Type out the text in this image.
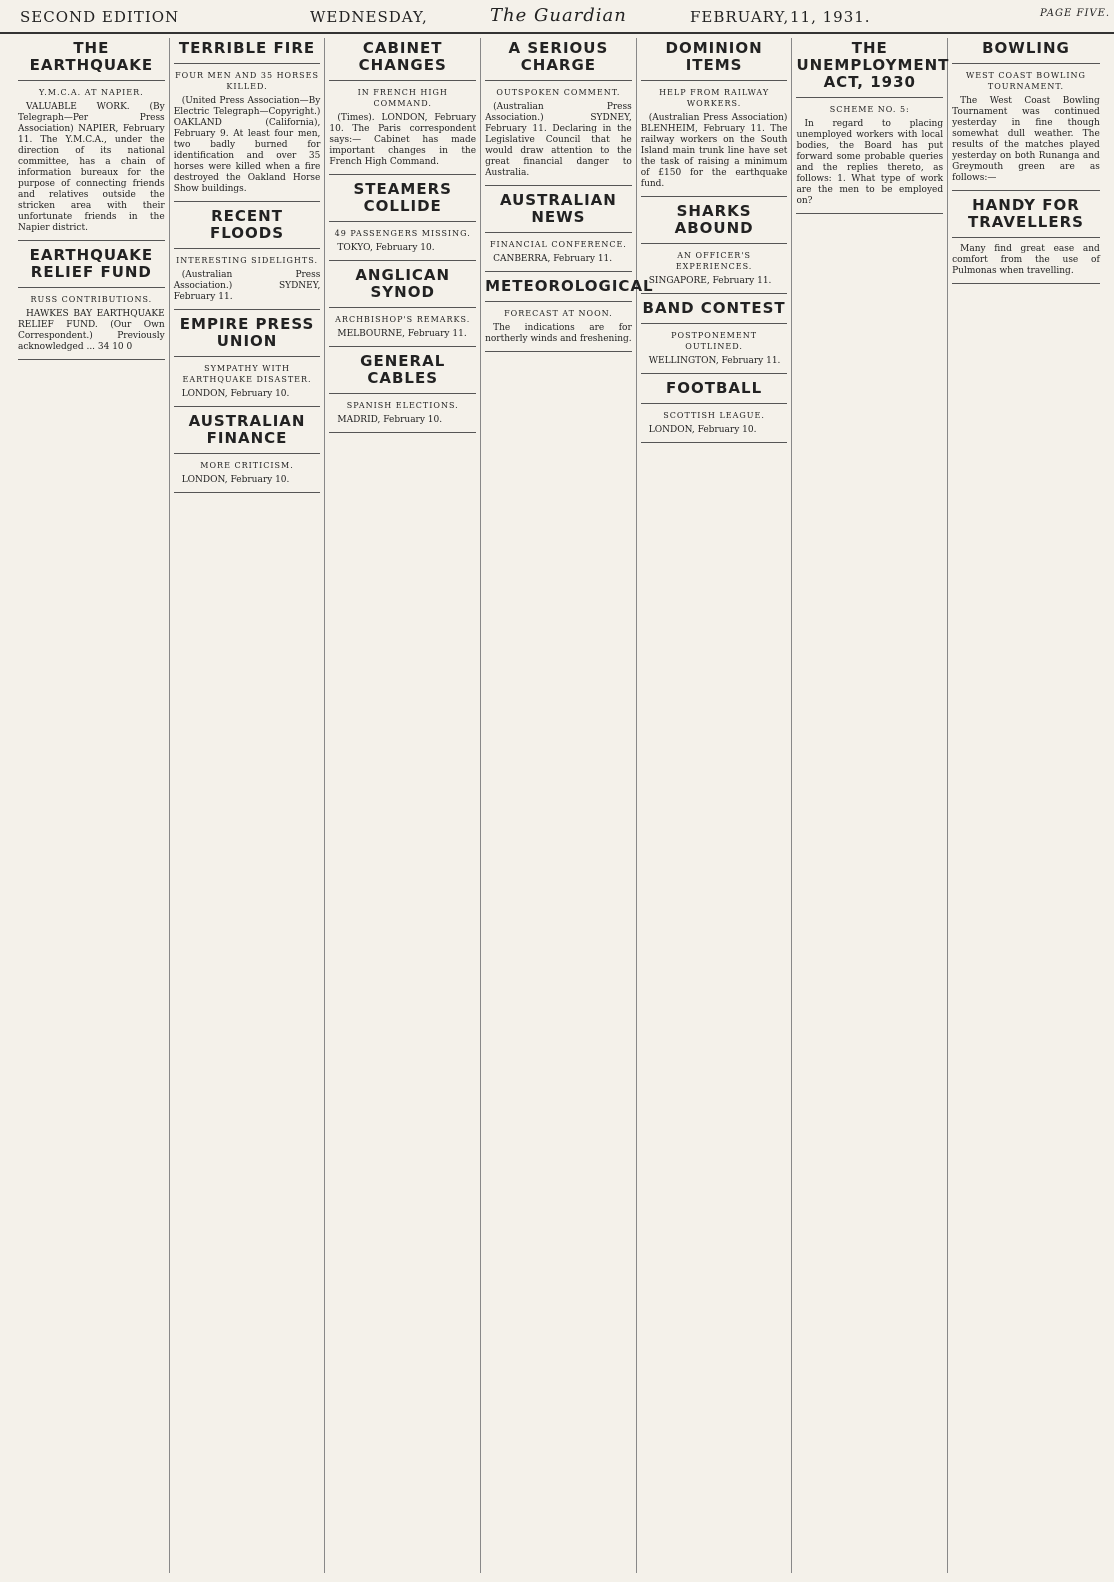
SECOND EDITION	WEDNESDAY,	The Guardian	FEBRUARY, 11, 1931.	PAGE FIVE.
THE EARTHQUAKE
Y.M.C.A. AT NAPIER.

VALUABLE WORK. (By Telegraph—Per Press Association) NAPIER, February 11. The Y.M.C.A., under the direction of its national committee, has a chain of information bureaux for the purpose of connecting friends and relatives outside the stricken area with their unfortunate friends in the Napier district.

EARTHQUAKE RELIEF FUND
RUSS CONTRIBUTIONS.

HAWKES BAY EARTHQUAKE RELIEF FUND. (Our Own Correspondent.) Previously acknowledged ... 34 10 0

TERRIBLE FIRE
FOUR MEN AND 35 HORSES KILLED.

(United Press Association—By Electric Telegraph—Copyright.) OAKLAND (California), February 9. At least four men, two badly burned for identification and over 35 horses were killed when a fire destroyed the Oakland Horse Show buildings.

RECENT FLOODS
INTERESTING SIDELIGHTS.

(Australian Press Association.) SYDNEY, February 11.

EMPIRE PRESS UNION
SYMPATHY WITH EARTHQUAKE DISASTER.

LONDON, February 10.

AUSTRALIAN FINANCE
MORE CRITICISM.

LONDON, February 10.

CABINET CHANGES
IN FRENCH HIGH COMMAND.

(Times). LONDON, February 10. The Paris correspondent says:— Cabinet has made important changes in the French High Command.

STEAMERS COLLIDE
49 PASSENGERS MISSING.

TOKYO, February 10.

ANGLICAN SYNOD
ARCHBISHOP'S REMARKS.

MELBOURNE, February 11.

GENERAL CABLES
SPANISH ELECTIONS.

MADRID, February 10.

A SERIOUS CHARGE
OUTSPOKEN COMMENT.

(Australian Press Association.) SYDNEY, February 11. Declaring in the Legislative Council that he would draw attention to the great financial danger to Australia.

AUSTRALIAN NEWS
FINANCIAL CONFERENCE.

CANBERRA, February 11.

METEOROLOGICAL
FORECAST AT NOON.

The indications are for northerly winds and freshening.

DOMINION ITEMS
HELP FROM RAILWAY WORKERS.

(Australian Press Association) BLENHEIM, February 11. The railway workers on the South Island main trunk line have set the task of raising a minimum of £150 for the earthquake fund.

SHARKS ABOUND
AN OFFICER'S EXPERIENCES.

SINGAPORE, February 11.

BAND CONTEST
POSTPONEMENT OUTLINED.

WELLINGTON, February 11.

FOOTBALL
SCOTTISH LEAGUE.

LONDON, February 10.

THE UNEMPLOYMENT ACT, 1930
SCHEME NO. 5:

In regard to placing unemployed workers with local bodies, the Board has put forward some probable queries and the replies thereto, as follows: 1. What type of work are the men to be employed on?

BOWLING
WEST COAST BOWLING TOURNAMENT.

The West Coast Bowling Tournament was continued yesterday in fine though somewhat dull weather. The results of the matches played yesterday on both Runanga and Greymouth green are as follows:—

HANDY FOR TRAVELLERS

Many find great ease and comfort from the use of Pulmonas when travelling.
